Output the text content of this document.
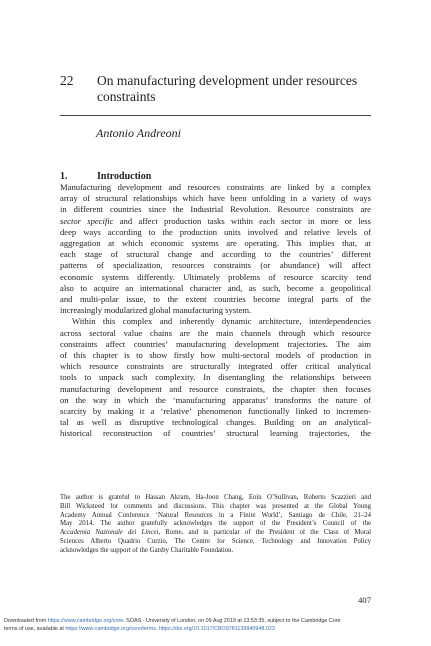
22 On manufacturing development under resources
constraints
Antonio Andreoni
1.	Introduction
Manufacturing development and resources constraints are linked by a complex
array of structural relationships which have been unfolding in a variety of ways
in different countries since the Industrial Revolution. Resource constraints are
sector specific and affect production tasks within each sector in more or less
deep ways according to the production units involved and relative levels of
aggregation at which economic systems are operating. This implies that, at
each stage of structural change and according to the countries’ different
patterns of specialization, resources constraints (or abundance) will affect
economic systems differently. Ultimately problems of resource scarcity tend
also to acquire an international character and, as such, become a geopolitical
and multi-polar issue, to the extent countries become integral parts of the
increasingly modularized global manufacturing system.
Within this complex and inherently dynamic architecture, interdependencies
across sectoral value chains are the main channels through which resource
constraints affect countries’ manufacturing development trajectories. The aim
of this chapter is to show firstly how multi-sectoral models of production in
which resource constraints are structurally integrated offer critical analytical
tools to unpack such complexity. In disentangling the relationships between
manufacturing development and resource constraints, the chapter then focuses
on the way in which the ‘manufacturing apparatus’ transforms the nature of
scarcity by making it a ‘relative’ phenomenon functionally linked to incremen-
tal as well as disruptive technological changes. Building on an analytical-
historical reconstruction of countries’ structural learning trajectories, the
The author is grateful to Hassan Akram, Ha-Joon Chang, Eoin O’Sullivan, Roberto Scazzieri and
Bill Wicksteed for comments and discussions. This chapter was presented at the Global Young
Academy Annual Conference ‘Natural Resources in a Finite World’, Santiago de Chile, 21–24
May 2014. The author gratefully acknowledges the support of the President’s Council of the
Accademia Nazionale dei Lincei, Rome, and in particular of the President of the Class of Moral
Sciences Alberto Quadrio Curzio, The Centre for Science, Technology and Innovation Policy
acknowledges the support of the Gatsby Charitable Foundation.
407
Downloaded from https://www.cambridge.org/core. SOAS - University of London, on 09 Aug 2019 at 13:53:35, subject to the Cambridge Core
terms of use, available at https://www.cambridge.org/core/terms. https://doi.org/10.1017/CBO9781139940948.023
